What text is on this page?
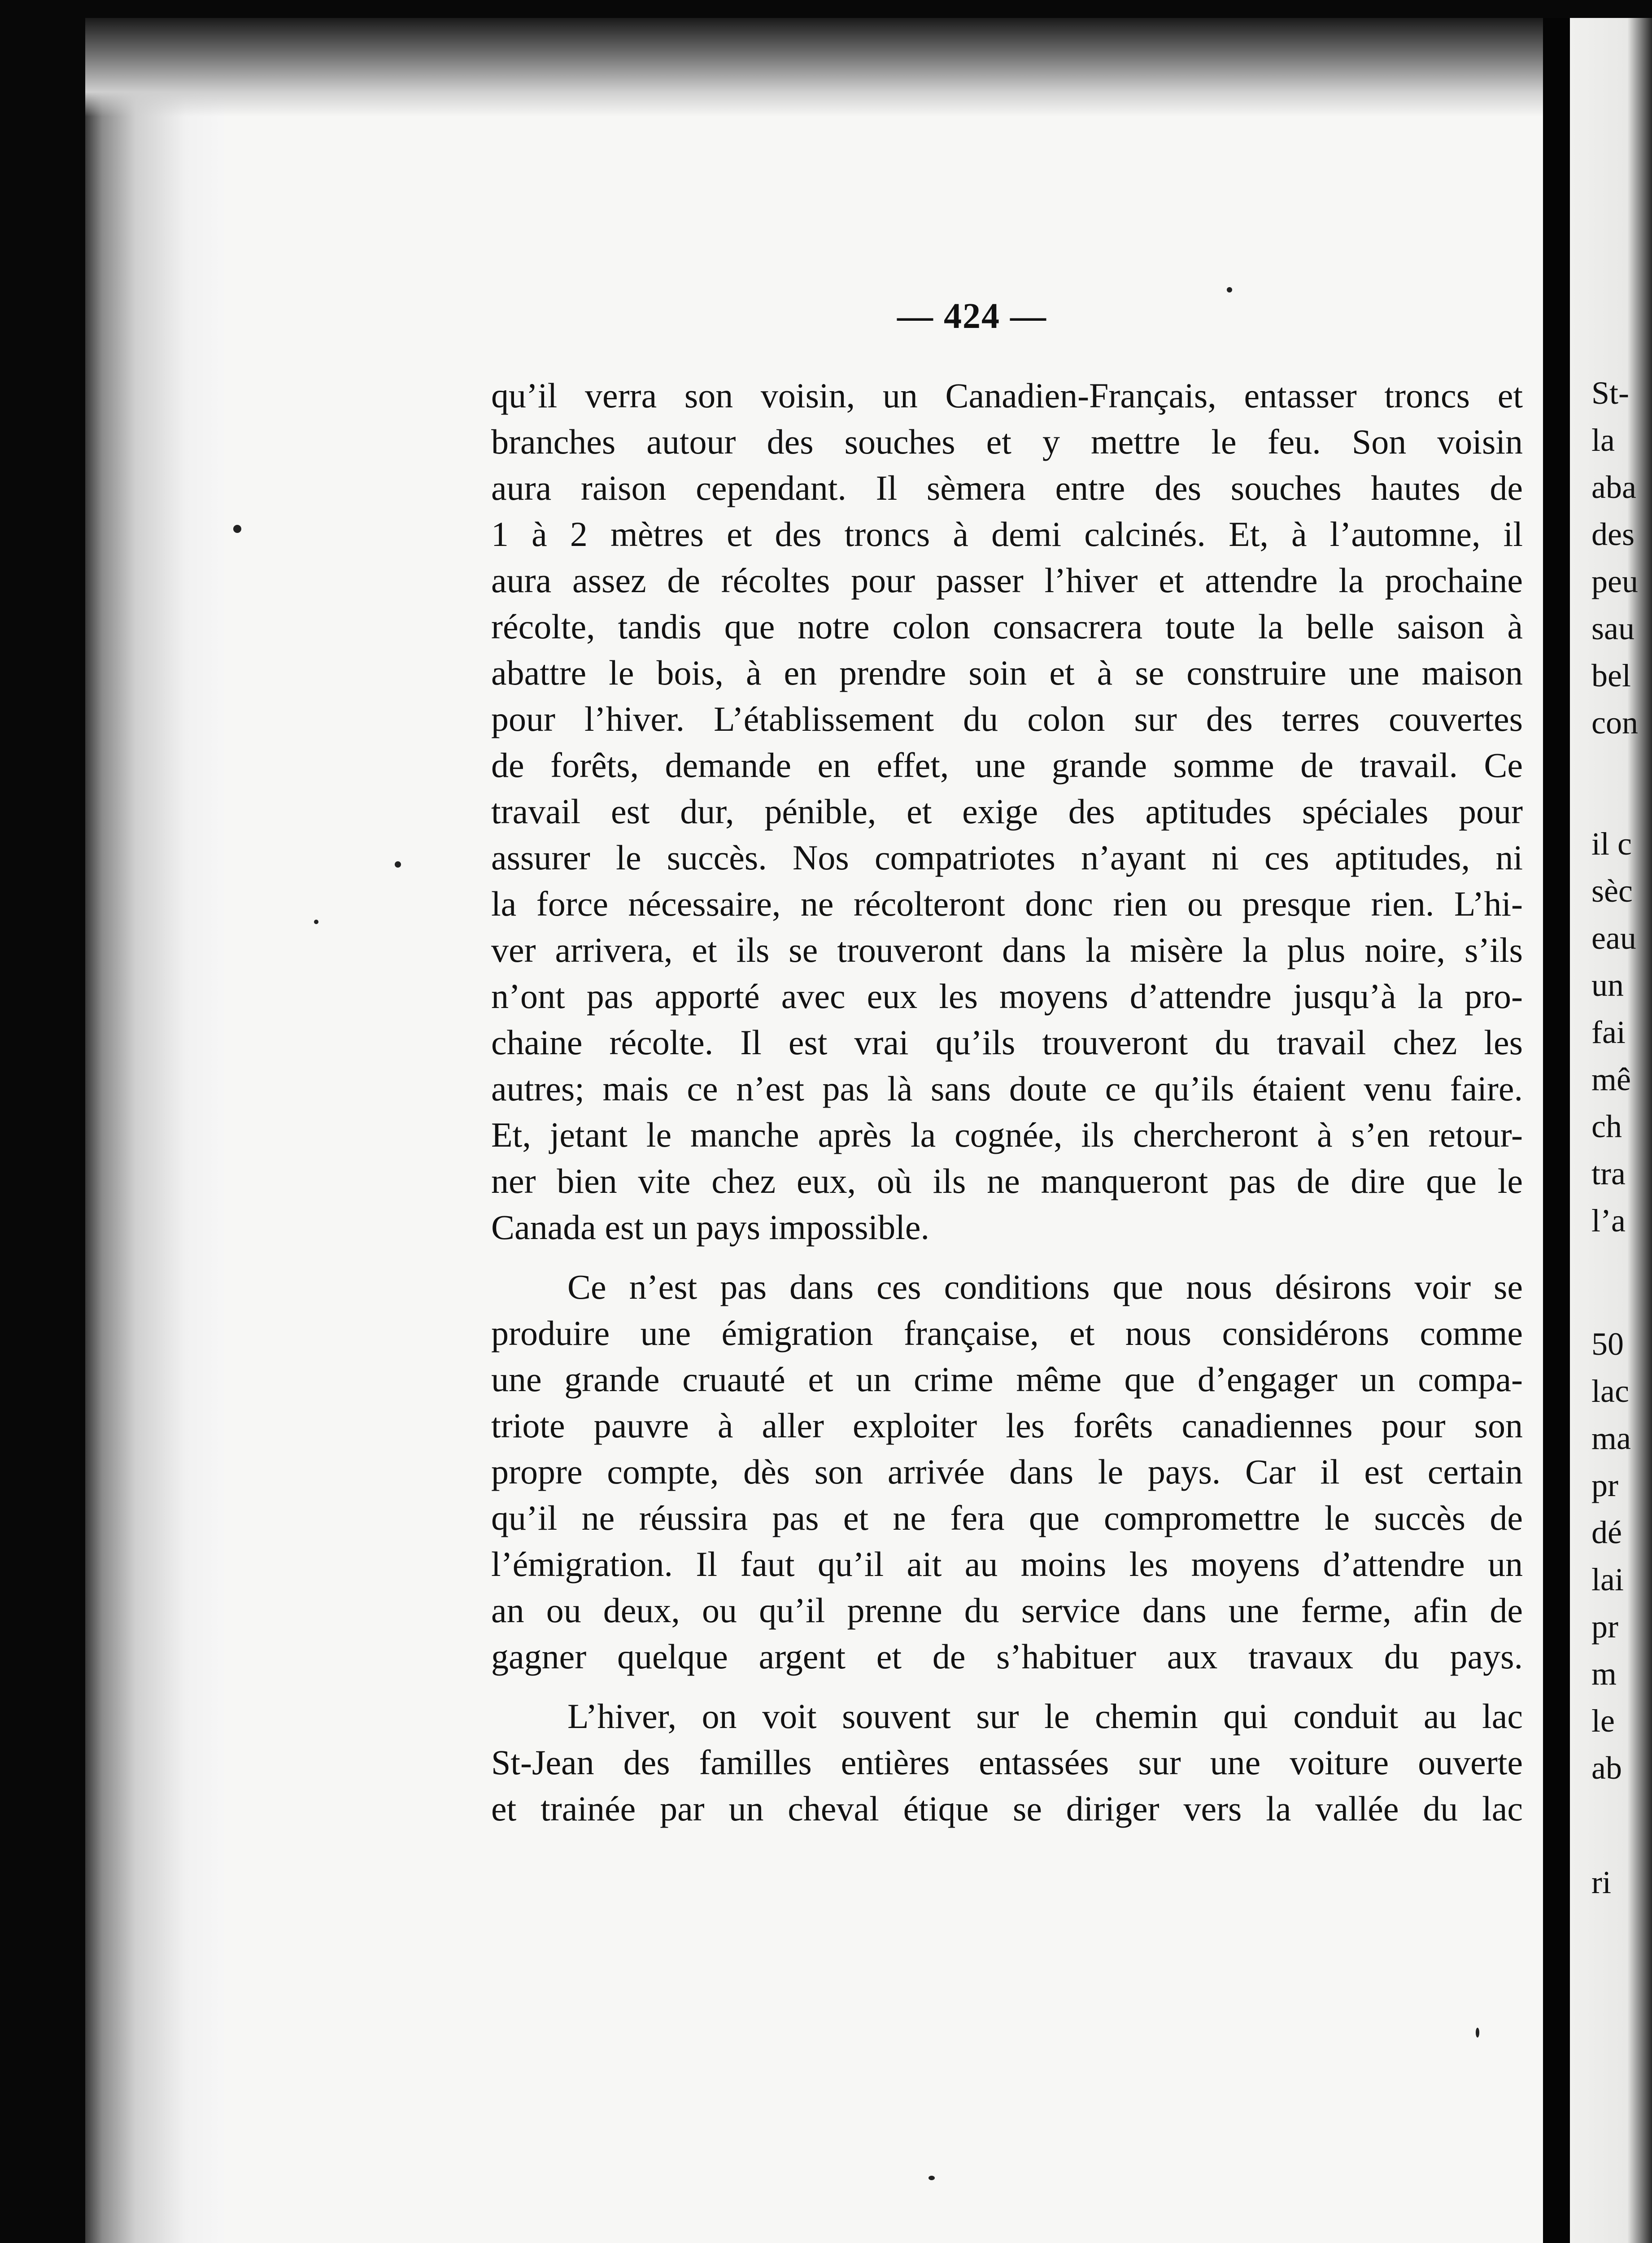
St-
la
aba
des
peu
sau
bel
con
il c
sèc
eau
un
fai
mê
ch
tra
l’a
50
lac
ma
pr
dé
lai
pr
m
le
ab
ri
— 424 —
qu’il verra son voisin, un Canadien-Français, entasser troncs et
branches autour des souches et y mettre le feu. Son voisin
aura raison cependant. Il sèmera entre des souches hautes de
1 à 2 mètres et des troncs à demi calcinés. Et, à l’automne, il
aura assez de récoltes pour passer l’hiver et attendre la prochaine
récolte, tandis que notre colon consacrera toute la belle saison à
abattre le bois, à en prendre soin et à se construire une maison
pour l’hiver. L’établissement du colon sur des terres couvertes
de forêts, demande en effet, une grande somme de travail. Ce
travail est dur, pénible, et exige des aptitudes spéciales pour
assurer le succès. Nos compatriotes n’ayant ni ces aptitudes, ni
la force nécessaire, ne récolteront donc rien ou presque rien. L’hi-
ver arrivera, et ils se trouveront dans la misère la plus noire, s’ils
n’ont pas apporté avec eux les moyens d’attendre jusqu’à la pro-
chaine récolte. Il est vrai qu’ils trouveront du travail chez les
autres; mais ce n’est pas là sans doute ce qu’ils étaient venu faire.
Et, jetant le manche après la cognée, ils chercheront à s’en retour-
ner bien vite chez eux, où ils ne manqueront pas de dire que le
Canada est un pays impossible.
Ce n’est pas dans ces conditions que nous désirons voir se
produire une émigration française, et nous considérons comme
une grande cruauté et un crime même que d’engager un compa-
triote pauvre à aller exploiter les forêts canadiennes pour son
propre compte, dès son arrivée dans le pays. Car il est certain
qu’il ne réussira pas et ne fera que compromettre le succès de
l’émigration. Il faut qu’il ait au moins les moyens d’attendre un
an ou deux, ou qu’il prenne du service dans une ferme, afin de
gagner quelque argent et de s’habituer aux travaux du pays.
L’hiver, on voit souvent sur le chemin qui conduit au lac
St-Jean des familles entières entassées sur une voiture ouverte
et trainée par un cheval étique se diriger vers la vallée du lac
